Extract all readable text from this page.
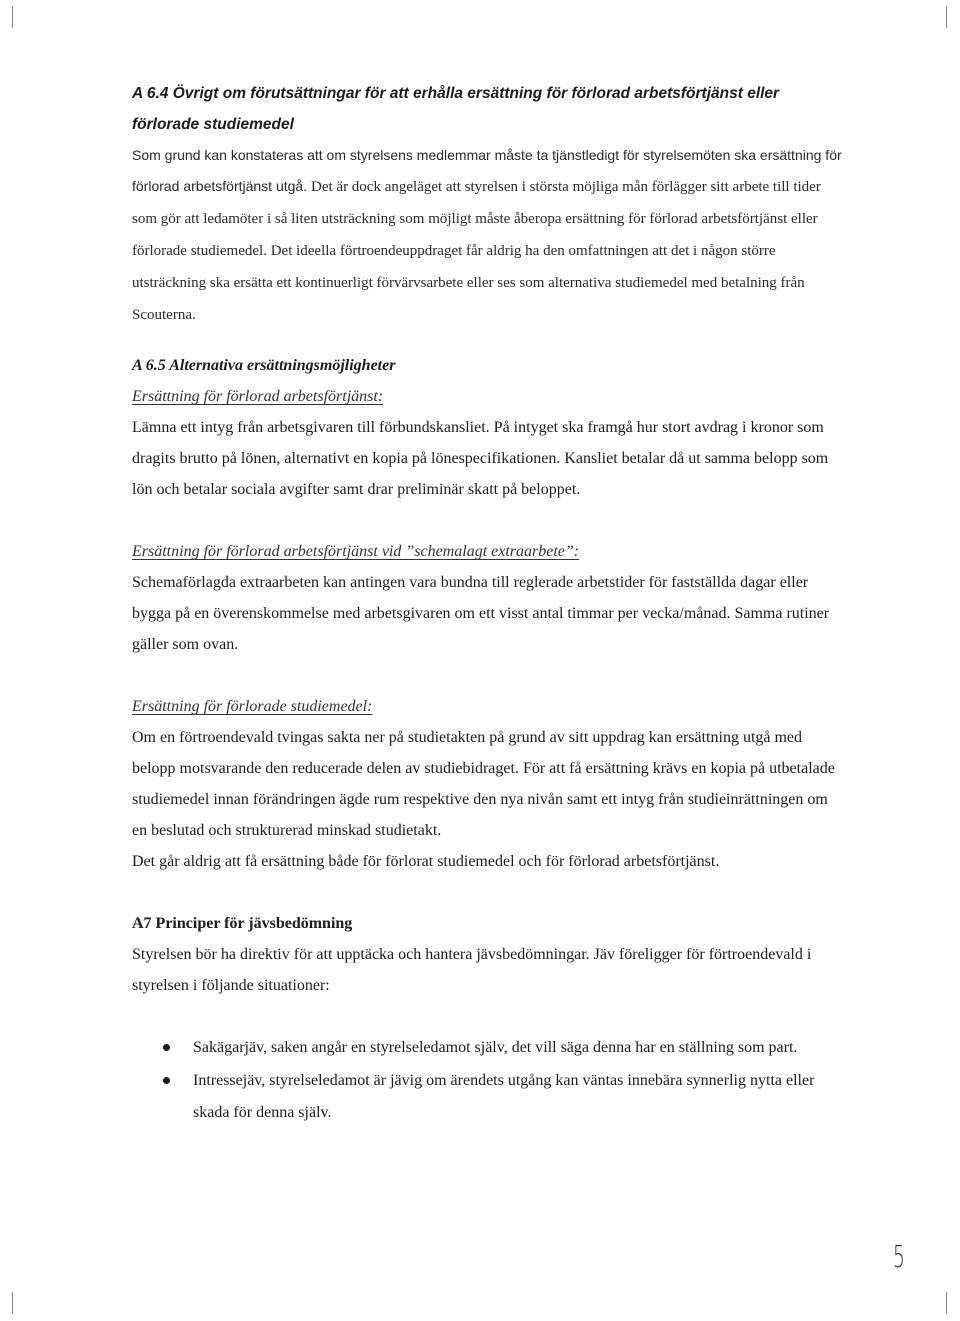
A 6.4 Övrigt om förutsättningar för att erhålla ersättning för förlorad arbetsförtjänst eller förlorade studiemedel

Som grund kan konstateras att om styrelsens medlemmar måste ta tjänstledigt för styrelsemöten ska ersättning för förlorad arbetsförtjänst utgå. Det är dock angeläget att styrelsen i största möjliga mån förlägger sitt arbete till tider som gör att ledamöter i så liten utsträckning som möjligt måste åberopa ersättning för förlorad arbetsförtjänst eller förlorade studiemedel. Det ideella förtroendeuppdraget får aldrig ha den omfattningen att det i någon större utsträckning ska ersätta ett kontinuerligt förvärvsarbete eller ses som alternativa studiemedel med betalning från Scouterna.

A 6.5 Alternativa ersättningsmöjligheter

Ersättning för förlorad arbetsförtjänst:

Lämna ett intyg från arbetsgivaren till förbundskansliet. På intyget ska framgå hur stort avdrag i kronor som dragits brutto på lönen, alternativt en kopia på lönespecifikationen. Kansliet betalar då ut samma belopp som lön och betalar sociala avgifter samt drar preliminär skatt på beloppet.

Ersättning för förlorad arbetsförtjänst vid ”schemalagt extraarbete”:

Schemaförlagda extraarbeten kan antingen vara bundna till reglerade arbetstider för fastställda dagar eller bygga på en överenskommelse med arbetsgivaren om ett visst antal timmar per vecka/månad. Samma rutiner gäller som ovan.

Ersättning för förlorade studiemedel:

Om en förtroendevald tvingas sakta ner på studietakten på grund av sitt uppdrag kan ersättning utgå med belopp motsvarande den reducerade delen av studiebidraget. För att få ersättning krävs en kopia på utbetalade studiemedel innan förändringen ägde rum respektive den nya nivån samt ett intyg från studieinrättningen om en beslutad och strukturerad minskad studietakt.

Det går aldrig att få ersättning både för förlorat studiemedel och för förlorad arbetsförtjänst.

A7 Principer för jävsbedömning

Styrelsen bör ha direktiv för att upptäcka och hantera jävsbedömningar. Jäv föreligger för förtroendevald i styrelsen i följande situationer:

Sakägarjäv, saken angår en styrelseledamot själv, det vill säga denna har en ställning som part.
Intressejäv, styrelseledamot är jävig om ärendets utgång kan väntas innebära synnerlig nytta eller skada för denna själv.
5
